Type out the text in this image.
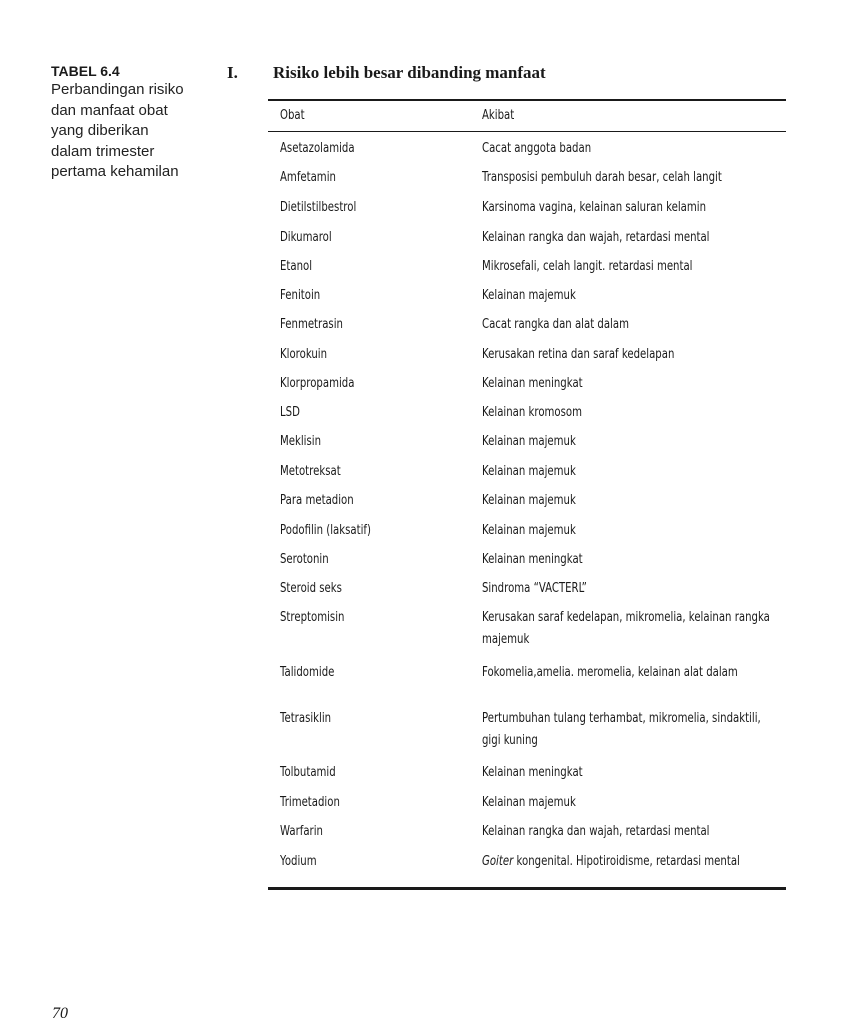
TABEL 6.4
Perbandingan risiko
dan manfaat obat
yang diberikan
dalam trimester
pertama kehamilan
I. Risiko lebih besar dibanding manfaat
Obat	Akibat
Asetazolamida	Cacat anggota badan
Amfetamin	Transposisi pembuluh darah besar, celah langit
Dietilstilbestrol	Karsinoma vagina, kelainan saluran kelamin
Dikumarol	Kelainan rangka dan wajah, retardasi mental
Etanol	Mikrosefali, celah langit. retardasi mental
Fenitoin	Kelainan majemuk
Fenmetrasin	Cacat rangka dan alat dalam
Klorokuin	Kerusakan retina dan saraf kedelapan
Klorpropamida	Kelainan meningkat
LSD	Kelainan kromosom
Meklisin	Kelainan majemuk
Metotreksat	Kelainan majemuk
Para metadion	Kelainan majemuk
Podofilin (laksatif)	Kelainan majemuk
Serotonin	Kelainan meningkat
Steroid seks	Sindroma “VACTERL”
Streptomisin	Kerusakan saraf kedelapan, mikromelia, kelainan rangka majemuk
Talidomide	Fokomelia,amelia. meromelia, kelainan alat dalam
Tetrasiklin	Pertumbuhan tulang terhambat, mikromelia, sindaktili, gigi kuning
Tolbutamid	Kelainan meningkat
Trimetadion	Kelainan majemuk
Warfarin	Kelainan rangka dan wajah, retardasi mental
Yodium	Goiter kongenital. Hipotiroidisme, retardasi mental
70
